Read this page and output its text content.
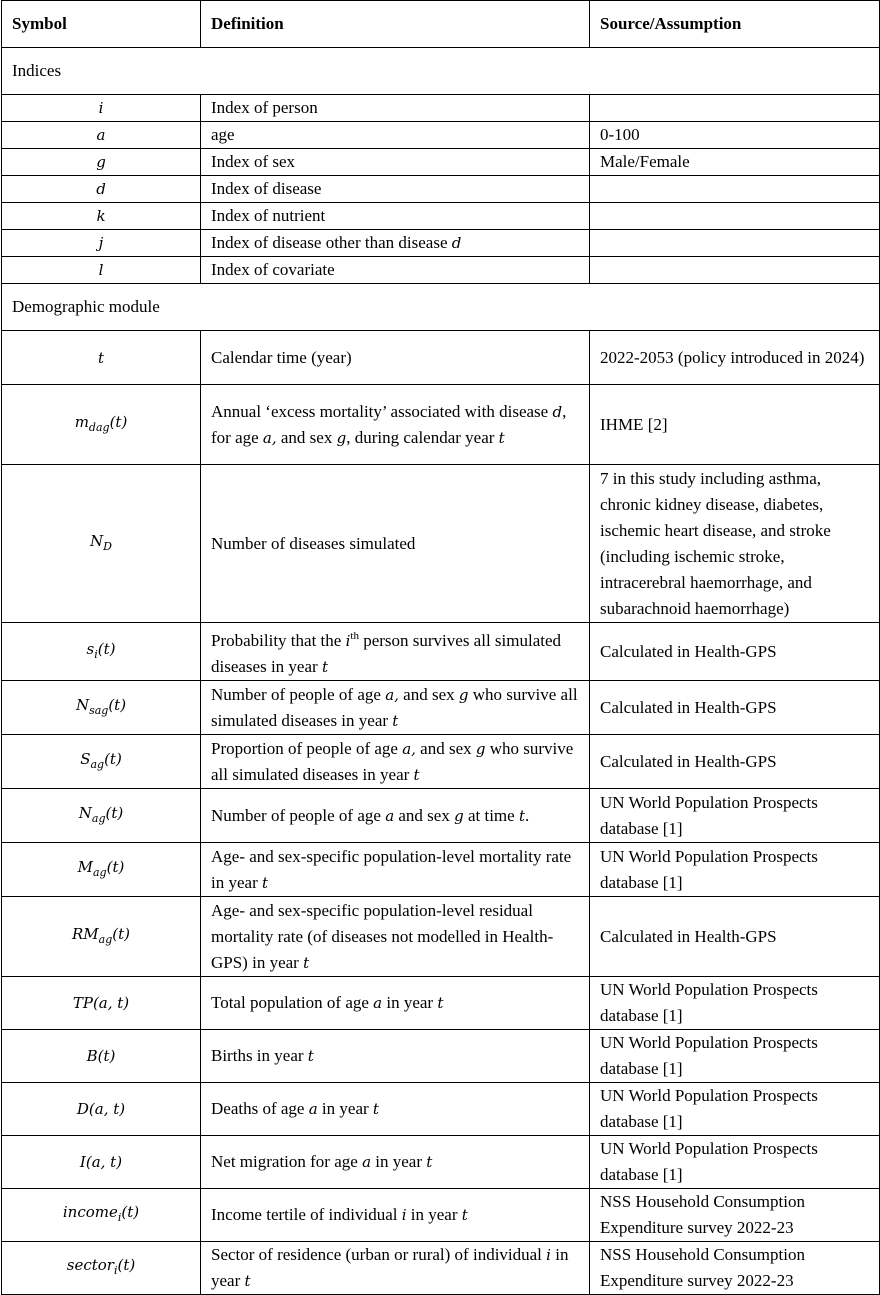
Symbol	Definition	Source/Assumption
Indices		
i	Index of person	
a	age	0-100
g	Index of sex	Male/Female
d	Index of disease	
k	Index of nutrient	
j	Index of disease other than disease d	
l	Index of covariate	
Demographic module		
t	Calendar time (year)	2022-2053 (policy introduced in 2024)
$m_{dag}(t)$	Annual ‘excess mortality’ associated with disease d, for age a, and sex g, during calendar year t	IHME [2]
$N_D$	Number of diseases simulated	7 in this study including asthma, chronic kidney disease, diabetes, ischemic heart disease, and stroke (including ischemic stroke, intracerebral haemorrhage, and subarachnoid haemorrhage)
$s_i(t)$	Probability that the $i^{th}$ person survives all simulated diseases in year t	Calculated in Health-GPS
$N_{sag}(t)$	Number of people of age a, and sex g who survive all simulated diseases in year t	Calculated in Health-GPS
$S_{ag}(t)$	Proportion of people of age a, and sex g who survive all simulated diseases in year t	Calculated in Health-GPS
$N_{ag}(t)$	Number of people of age a and sex g at time t.	UN World Population Prospects database [1]
$M_{ag}(t)$	Age- and sex-specific population-level mortality rate in year t	UN World Population Prospects database [1]
$RM_{ag}(t)$	Age- and sex-specific population-level residual mortality rate (of diseases not modelled in Health-GPS) in year t	Calculated in Health-GPS
TP(a, t)	Total population of age a in year t	UN World Population Prospects database [1]
B(t)	Births in year t	UN World Population Prospects database [1]
D(a, t)	Deaths of age a in year t	UN World Population Prospects database [1]
I(a, t)	Net migration for age a in year t	UN World Population Prospects database [1]
income$_i$(t)	Income tertile of individual i in year t	NSS Household Consumption Expenditure survey 2022-23
sector$_i$(t)	Sector of residence (urban or rural) of individual i in year t	NSS Household Consumption Expenditure survey 2022-23
